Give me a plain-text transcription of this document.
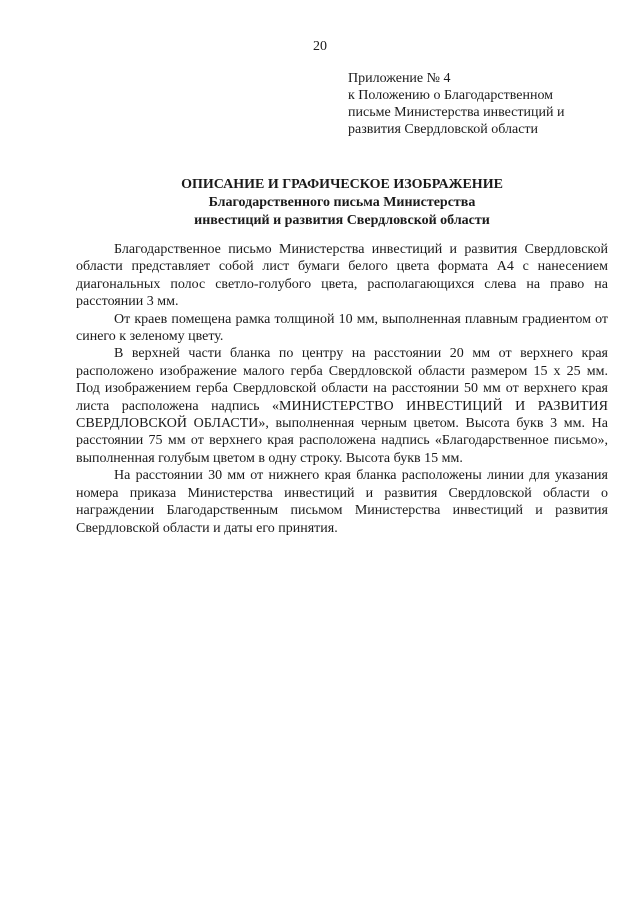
20
Приложение № 4
к Положению о Благодарственном
письме Министерства инвестиций и
развития Свердловской области
ОПИСАНИЕ И ГРАФИЧЕСКОЕ ИЗОБРАЖЕНИЕ
Благодарственного письма Министерства
инвестиций и развития Свердловской области

Благодарственное письмо Министерства инвестиций и развития Свердловской области представляет собой лист бумаги белого цвета формата А4 с нанесением диагональных полос светло-голубого цвета, располагающихся слева на право на расстоянии 3 мм.

От краев помещена рамка толщиной 10 мм, выполненная плавным градиентом от синего к зеленому цвету.

В верхней части бланка по центру на расстоянии 20 мм от верхнего края расположено изображение малого герба Свердловской области размером 15 х 25 мм. Под изображением герба Свердловской области на расстоянии 50 мм от верхнего края листа расположена надпись «МИНИСТЕРСТВО ИНВЕСТИЦИЙ И РАЗВИТИЯ СВЕРДЛОВСКОЙ ОБЛАСТИ», выполненная черным цветом. Высота букв 3 мм. На расстоянии 75 мм от верхнего края расположена надпись «Благодарственное письмо», выполненная голубым цветом в одну строку. Высота букв 15 мм.

На расстоянии 30 мм от нижнего края бланка расположены линии для указания номера приказа Министерства инвестиций и развития Свердловской области о награждении Благодарственным письмом Министерства инвестиций и развития Свердловской области и даты его принятия.
